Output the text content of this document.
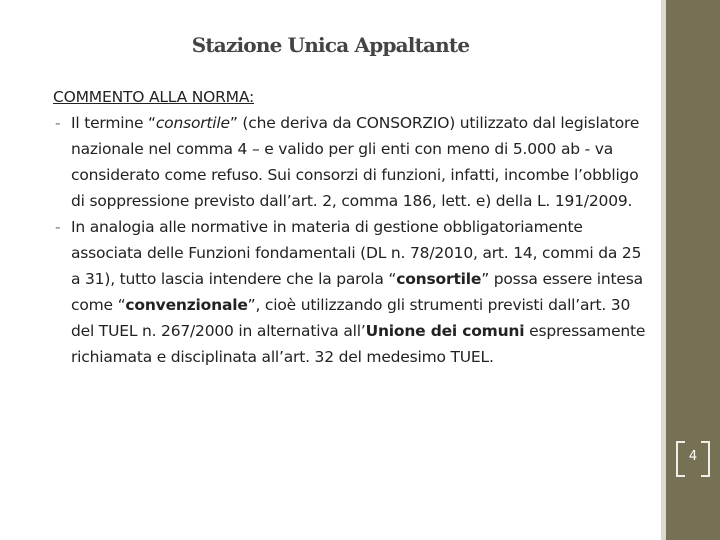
Stazione Unica Appaltante

COMMENTO ALLA NORMA:

- Il termine “consortile” (che deriva da CONSORZIO) utilizzato dal legislatore nazionale nel comma 4 – e valido per gli enti con meno di 5.000 ab - va considerato come refuso. Sui consorzi di funzioni, infatti, incombe l’obbligo di soppressione previsto dall’art. 2, comma 186, lett. e) della L. 191/2009.

- In analogia alle normative in materia di gestione obbligatoriamente associata delle Funzioni fondamentali (DL n. 78/2010, art. 14, commi da 25 a 31), tutto lascia intendere che la parola “consortile” possa essere intesa come “convenzionale”, cioè utilizzando gli strumenti previsti dall’art. 30 del TUEL n. 267/2000 in alternativa all’Unione dei comuni espressamente richiamata e disciplinata all’art. 32 del medesimo TUEL.

4
